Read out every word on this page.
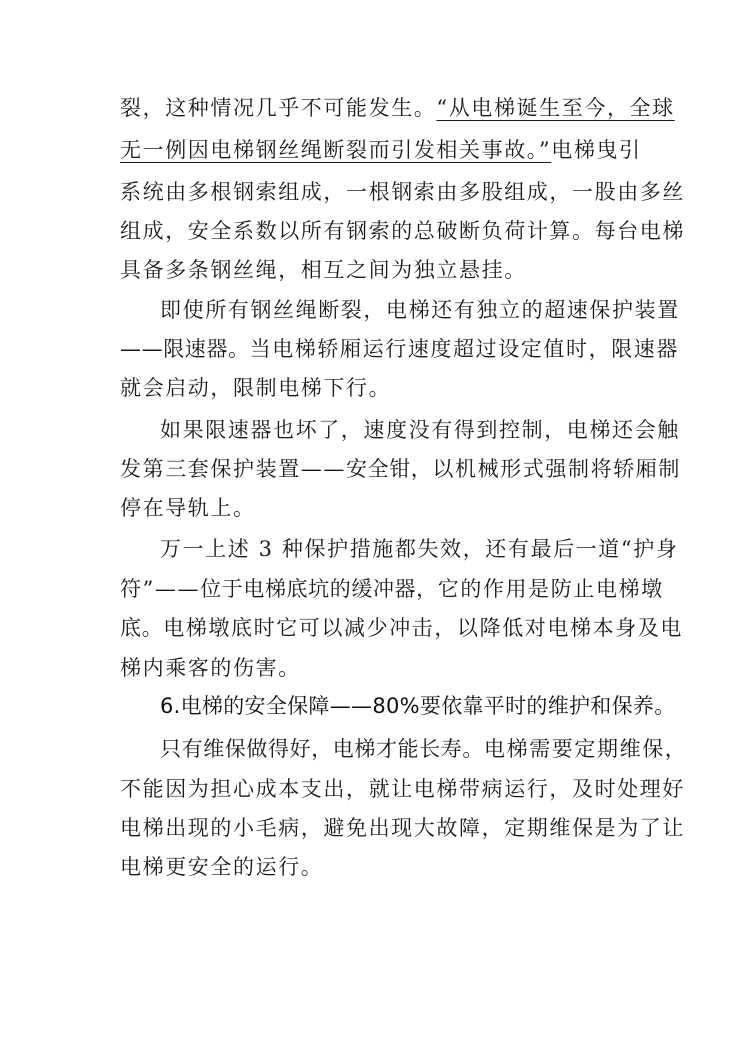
裂，这种情况几乎不可能发生。“从电梯诞生至今，全球
无一例因电梯钢丝绳断裂而引发相关事故。”电梯曳引
系统由多根钢索组成，一根钢索由多股组成，一股由多丝
组成，安全系数以所有钢索的总破断负荷计算。每台电梯
具备多条钢丝绳，相互之间为独立悬挂。
即使所有钢丝绳断裂，电梯还有独立的超速保护装置
——限速器。当电梯轿厢运行速度超过设定值时，限速器
就会启动，限制电梯下行。
如果限速器也坏了，速度没有得到控制，电梯还会触
发第三套保护装置——安全钳，以机械形式强制将轿厢制
停在导轨上。
万一上述 3 种保护措施都失效，还有最后一道“护身
符”——位于电梯底坑的缓冲器，它的作用是防止电梯墩
底。电梯墩底时它可以减少冲击，以降低对电梯本身及电
梯内乘客的伤害。
6.电梯的安全保障——80%要依靠平时的维护和保养。
只有维保做得好，电梯才能长寿。电梯需要定期维保，
不能因为担心成本支出，就让电梯带病运行，及时处理好
电梯出现的小毛病，避免出现大故障，定期维保是为了让
电梯更安全的运行。
